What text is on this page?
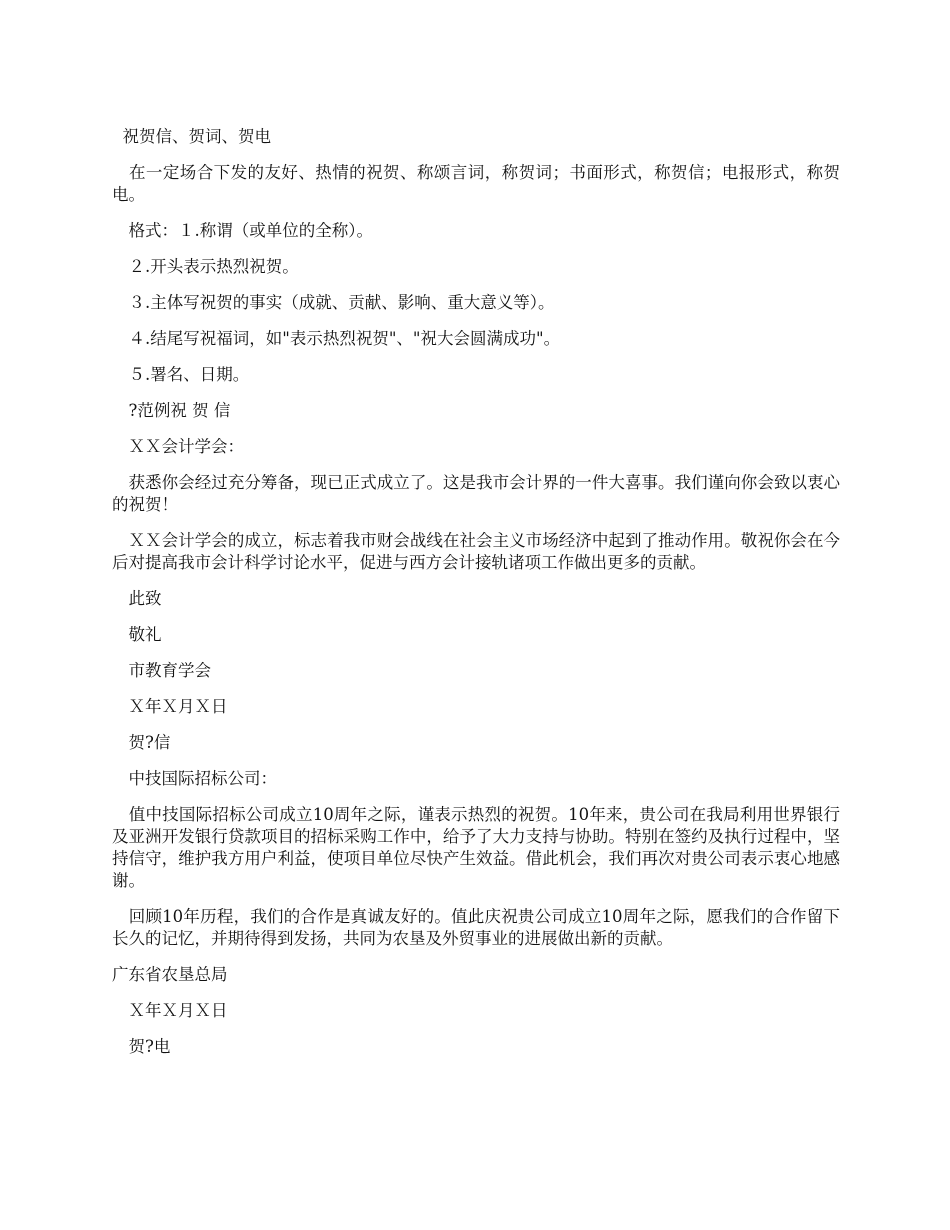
祝贺信、贺词、贺电

　在一定场合下发的友好、热情的祝贺、称颂言词，称贺词；书面形式，称贺信；电报形式，称贺电。

　格式：１.称谓（或单位的全称）。

　２.开头表示热烈祝贺。

　３.主体写祝贺的事实（成就、贡献、影响、重大意义等）。

　４.结尾写祝福词，如"表示热烈祝贺"、"祝大会圆满成功"。

　５.署名、日期。

　?范例祝 贺 信

　ＸＸ会计学会：

　获悉你会经过充分筹备，现已正式成立了。这是我市会计界的一件大喜事。我们谨向你会致以衷心的祝贺！

　ＸＸ会计学会的成立，标志着我市财会战线在社会主义市场经济中起到了推动作用。敬祝你会在今后对提高我市会计科学讨论水平，促进与西方会计接轨诸项工作做出更多的贡献。

　此致

　敬礼

　市教育学会

　Ｘ年Ｘ月Ｘ日

　贺?信

　中技国际招标公司：

　值中技国际招标公司成立10周年之际，谨表示热烈的祝贺。10年来，贵公司在我局利用世界银行及亚洲开发银行贷款项目的招标采购工作中，给予了大力支持与协助。特别在签约及执行过程中，坚持信守，维护我方用户利益，使项目单位尽快产生效益。借此机会，我们再次对贵公司表示衷心地感谢。

　回顾10年历程，我们的合作是真诚友好的。值此庆祝贵公司成立10周年之际，愿我们的合作留下长久的记忆，并期待得到发扬，共同为农垦及外贸事业的进展做出新的贡献。

广东省农垦总局

　Ｘ年Ｘ月Ｘ日

　贺?电
